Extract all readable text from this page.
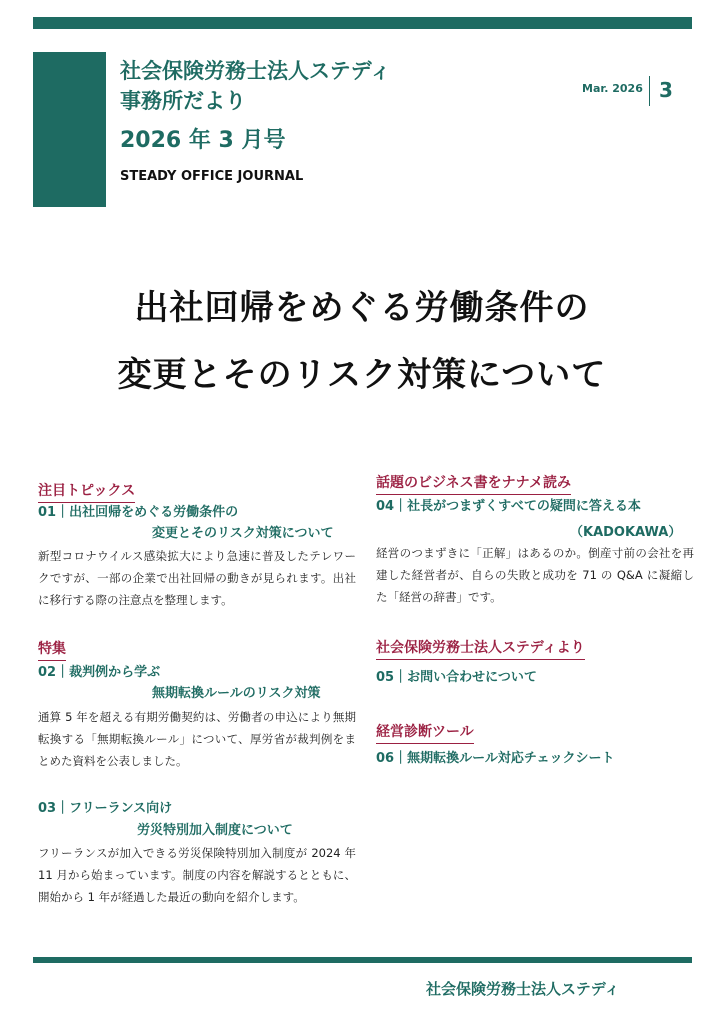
社会保険労務士法人ステディ
事務所だより
2026 年 3 月号
STEADY OFFICE JOURNAL
Mar. 2026 3
出社回帰をめぐる労働条件の
変更とそのリスク対策について
注目トピックス
01｜出社回帰をめぐる労働条件の
変更とそのリスク対策について
新型コロナウイルス感染拡大により急速に普及したテレワークですが、一部の企業で出社回帰の動きが見られます。出社に移行する際の注意点を整理します。
特集
02｜裁判例から学ぶ
無期転換ルールのリスク対策
通算 5 年を超える有期労働契約は、労働者の申込により無期転換する「無期転換ルール」について、厚労省が裁判例をまとめた資料を公表しました。
03｜フリーランス向け
労災特別加入制度について
フリーランスが加入できる労災保険特別加入制度が 2024 年 11 月から始まっています。制度の内容を解説するとともに、開始から 1 年が経過した最近の動向を紹介します。
話題のビジネス書をナナメ読み
04｜社長がつまずくすべての疑問に答える本
（KADOKAWA）
経営のつまずきに「正解」はあるのか。倒産寸前の会社を再建した経営者が、自らの失敗と成功を 71 の Q&A に凝縮した「経営の辞書」です。
社会保険労務士法人ステディより
05｜お問い合わせについて
経営診断ツール
06｜無期転換ルール対応チェックシート
社会保険労務士法人ステディ
